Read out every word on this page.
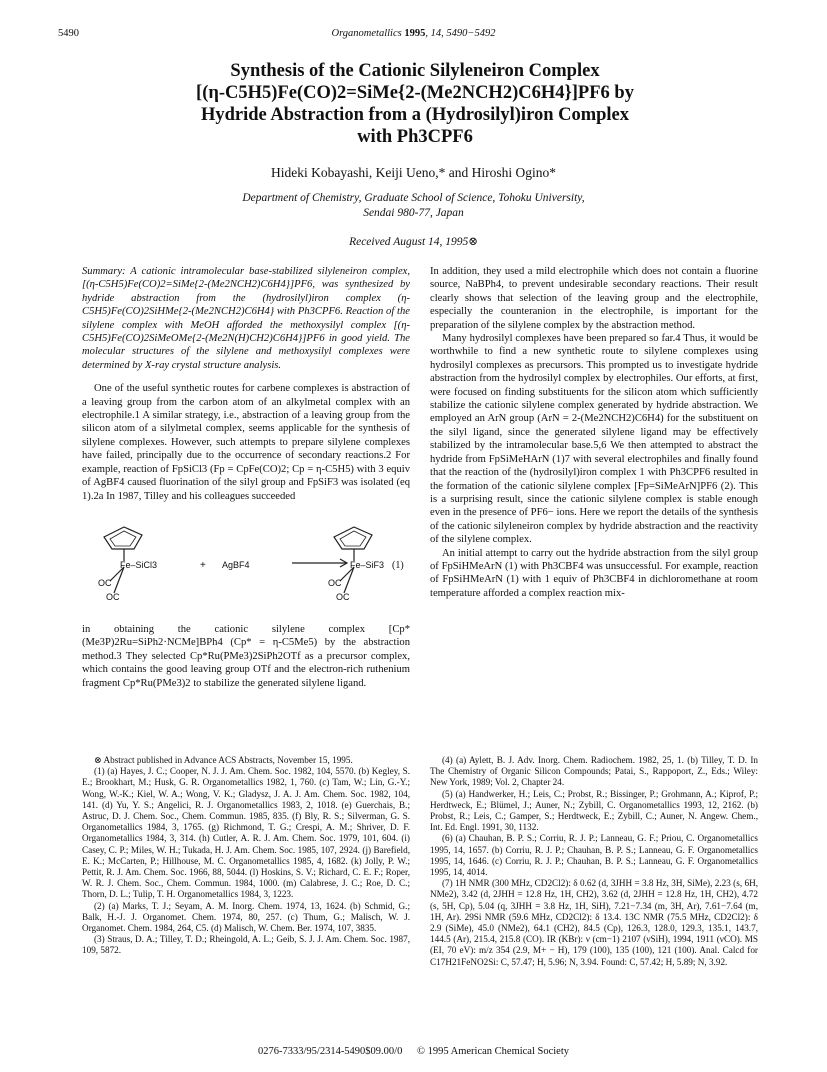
5490	Organometallics 1995, 14, 5490−5492
Synthesis of the Cationic Silyleneiron Complex
[(η-C5H5)Fe(CO)2=SiMe{2-(Me2NCH2)C6H4}]PF6 by
Hydride Abstraction from a (Hydrosilyl)iron Complex
with Ph3CPF6
Hideki Kobayashi, Keiji Ueno,* and Hiroshi Ogino*
Department of Chemistry, Graduate School of Science, Tohoku University,
Sendai 980-77, Japan
Received August 14, 1995⊗

Summary: A cationic intramolecular base-stabilized silyleneiron complex, [(η-C5H5)Fe(CO)2=SiMe{2-(Me2NCH2)C6H4}]PF6, was synthesized by hydride abstraction from the (hydrosilyl)iron complex (η-C5H5)Fe(CO)2SiHMe{2-(Me2NCH2)C6H4} with Ph3CPF6. Reaction of the silylene complex with MeOH afforded the methoxysilyl complex [(η-C5H5)Fe(CO)2SiMeOMe{2-(Me2N(H)CH2)C6H4}]PF6 in good yield. The molecular structures of the silylene and methoxysilyl complexes were determined by X-ray crystal structure analysis.

One of the useful synthetic routes for carbene complexes is abstraction of a leaving group from the carbon atom of an alkylmetal complex with an electrophile.1 A similar strategy, i.e., abstraction of a leaving group from the silicon atom of a silylmetal complex, seems applicable for the synthesis of silylene complexes. However, such attempts to prepare silylene complexes have failed, principally due to the occurrence of secondary reactions.2 For example, reaction of FpSiCl3 (Fp = CpFe(CO)2; Cp = η-C5H5) with 3 equiv of AgBF4 caused fluorination of the silyl group and FpSiF3 was isolated (eq 1).2a In 1987, Tilley and his colleagues succeeded

Fe–SiCl3
OC
OC
+ AgBF4	Fe–SiF3
OC
OC
(1)

in obtaining the cationic silylene complex [Cp*(Me3P)2Ru=SiPh2·NCMe]BPh4 (Cp* = η-C5Me5) by the abstraction method.3 They selected Cp*Ru(PMe3)2SiPh2OTf as a precursor complex, which contains the good leaving group OTf and the electron-rich ruthenium fragment Cp*Ru(PMe3)2 to stabilize the generated silylene ligand.

In addition, they used a mild electrophile which does not contain a fluorine source, NaBPh4, to prevent undesirable secondary reactions. Their result clearly shows that selection of the leaving group and the electrophile, especially the counteranion in the electrophile, is important for the preparation of the silylene complex by the abstraction method.

Many hydrosilyl complexes have been prepared so far.4 Thus, it would be worthwhile to find a new synthetic route to silylene complexes using hydrosilyl complexes as precursors. This prompted us to investigate hydride abstraction from the hydrosilyl complex by electrophiles. Our efforts, at first, were focused on finding substituents for the silicon atom which sufficiently stabilize the cationic silylene complex generated by hydride abstraction. We employed an ArN group (ArN = 2-(Me2NCH2)C6H4) for the substituent on the silyl ligand, since the generated silylene ligand may be effectively stabilized by the intramolecular base.5,6 We then attempted to abstract the hydride from FpSiMeHArN (1)7 with several electrophiles and finally found that the reaction of the (hydrosilyl)iron complex 1 with Ph3CPF6 resulted in the formation of the cationic silylene complex [Fp=SiMeArN]PF6 (2). This is a surprising result, since the cationic silylene complex is stable enough even in the presence of PF6− ions. Here we report the details of the synthesis of the cationic silyleneiron complex by hydride abstraction and the reactivity of the silylene complex.

An initial attempt to carry out the hydride abstraction from the silyl group of FpSiHMeArN (1) with Ph3CBF4 was unsuccessful. For example, reaction of FpSiHMeArN (1) with 1 equiv of Ph3CBF4 in dichloromethane at room temperature afforded a complex reaction mix-

⊗ Abstract published in Advance ACS Abstracts, November 15, 1995.

(1) (a) Hayes, J. C.; Cooper, N. J. J. Am. Chem. Soc. 1982, 104, 5570. (b) Kegley, S. E.; Brookhart, M.; Husk, G. R. Organometallics 1982, 1, 760. (c) Tam, W.; Lin, G.-Y.; Wong, W.-K.; Kiel, W. A.; Wong, V. K.; Gladysz, J. A. J. Am. Chem. Soc. 1982, 104, 141. (d) Yu, Y. S.; Angelici, R. J. Organometallics 1983, 2, 1018. (e) Guerchais, B.; Astruc, D. J. Chem. Soc., Chem. Commun. 1985, 835. (f) Bly, R. S.; Silverman, G. S. Organometallics 1984, 3, 1765. (g) Richmond, T. G.; Crespi, A. M.; Shriver, D. F. Organometallics 1984, 3, 314. (h) Cutler, A. R. J. Am. Chem. Soc. 1979, 101, 604. (i) Casey, C. P.; Miles, W. H.; Tukada, H. J. Am. Chem. Soc. 1985, 107, 2924. (j) Barefield, E. K.; McCarten, P.; Hillhouse, M. C. Organometallics 1985, 4, 1682. (k) Jolly, P. W.; Pettit, R. J. Am. Chem. Soc. 1966, 88, 5044. (l) Hoskins, S. V.; Richard, C. E. F.; Roper, W. R. J. Chem. Soc., Chem. Commun. 1984, 1000. (m) Calabrese, J. C.; Roe, D. C.; Thorn, D. L.; Tulip, T. H. Organometallics 1984, 3, 1223.

(2) (a) Marks, T. J.; Seyam, A. M. Inorg. Chem. 1974, 13, 1624. (b) Schmid, G.; Balk, H.-J. J. Organomet. Chem. 1974, 80, 257. (c) Thum, G.; Malisch, W. J. Organomet. Chem. 1984, 264, C5. (d) Malisch, W. Chem. Ber. 1974, 107, 3835.

(3) Straus, D. A.; Tilley, T. D.; Rheingold, A. L.; Geib, S. J. J. Am. Chem. Soc. 1987, 109, 5872.

(4) (a) Aylett, B. J. Adv. Inorg. Chem. Radiochem. 1982, 25, 1. (b) Tilley, T. D. In The Chemistry of Organic Silicon Compounds; Patai, S., Rappoport, Z., Eds.; Wiley: New York, 1989; Vol. 2, Chapter 24.

(5) (a) Handwerker, H.; Leis, C.; Probst, R.; Bissinger, P.; Grohmann, A.; Kiprof, P.; Herdtweck, E.; Blümel, J.; Auner, N.; Zybill, C. Organometallics 1993, 12, 2162. (b) Probst, R.; Leis, C.; Gamper, S.; Herdtweck, E.; Zybill, C.; Auner, N. Angew. Chem., Int. Ed. Engl. 1991, 30, 1132.

(6) (a) Chauhan, B. P. S.; Corriu, R. J. P.; Lanneau, G. F.; Priou, C. Organometallics 1995, 14, 1657. (b) Corriu, R. J. P.; Chauhan, B. P. S.; Lanneau, G. F. Organometallics 1995, 14, 1646. (c) Corriu, R. J. P.; Chauhan, B. P. S.; Lanneau, G. F. Organometallics 1995, 14, 4014.

(7) 1H NMR (300 MHz, CD2Cl2): δ 0.62 (d, 3JHH = 3.8 Hz, 3H, SiMe), 2.23 (s, 6H, NMe2), 3.42 (d, 2JHH = 12.8 Hz, 1H, CH2), 3.62 (d, 2JHH = 12.8 Hz, 1H, CH2), 4.72 (s, 5H, Cp), 5.04 (q, 3JHH = 3.8 Hz, 1H, SiH), 7.21−7.34 (m, 3H, Ar), 7.61−7.64 (m, 1H, Ar). 29Si NMR (59.6 MHz, CD2Cl2): δ 13.4. 13C NMR (75.5 MHz, CD2Cl2): δ 2.9 (SiMe), 45.0 (NMe2), 64.1 (CH2), 84.5 (Cp), 126.3, 128.0, 129.3, 135.1, 143.7, 144.5 (Ar), 215.4, 215.8 (CO). IR (KBr): ν (cm−1) 2107 (νSiH), 1994, 1911 (νCO). MS (EI, 70 eV): m/z 354 (2.9, M+ − H), 179 (100), 135 (100), 121 (100). Anal. Calcd for C17H21FeNO2Si: C, 57.47; H, 5.96; N, 3.94. Found: C, 57.42; H, 5.89; N, 3.92.

0276-7333/95/2314-5490$09.00/0 © 1995 American Chemical Society
